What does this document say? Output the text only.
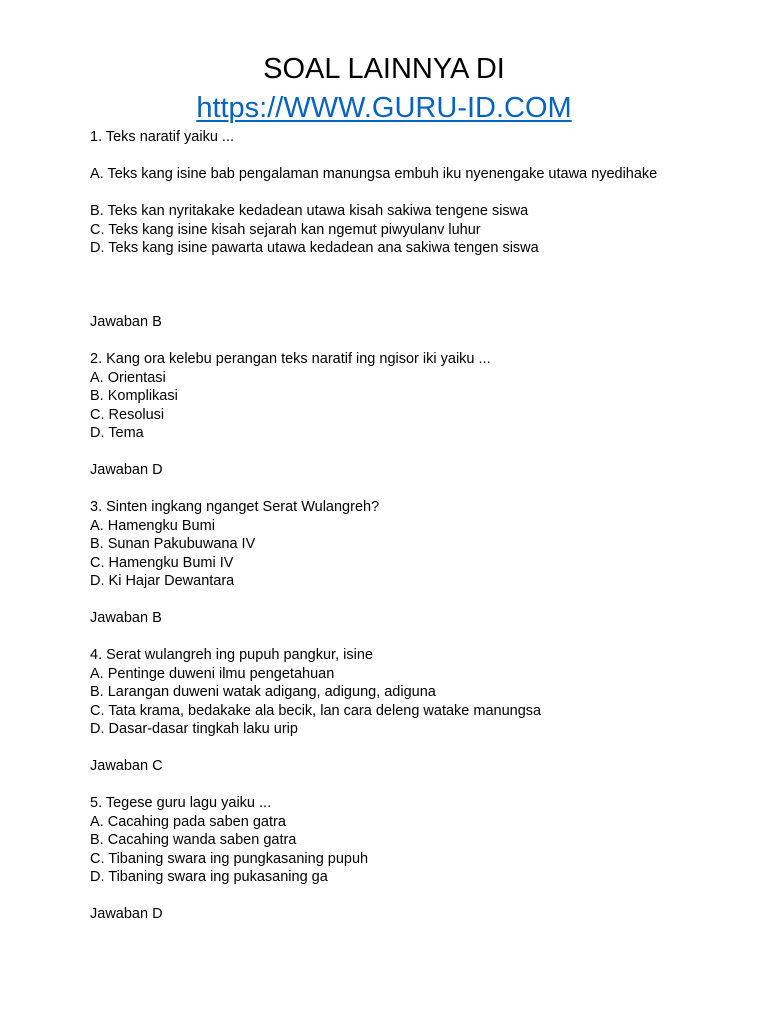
SOAL LAINNYA DI
https://WWW.GURU-ID.COM
1. Teks naratif yaiku ...
A. Teks kang isine bab pengalaman manungsa embuh iku nyenengake utawa nyedihake
B. Teks kan nyritakake kedadean utawa kisah sakiwa tengene siswa
C. Teks kang isine kisah sejarah kan ngemut piwyulanv luhur
D. Teks kang isine pawarta utawa kedadean ana sakiwa tengen siswa
Jawaban B
2. Kang ora kelebu perangan teks naratif ing ngisor iki yaiku ...
A. Orientasi
B. Komplikasi
C. Resolusi
D. Tema
Jawaban D
3. Sinten ingkang nganget Serat Wulangreh?
A. Hamengku Bumi
B. Sunan Pakubuwana IV
C. Hamengku Bumi IV
D. Ki Hajar Dewantara
Jawaban B
4. Serat wulangreh ing pupuh pangkur, isine
A. Pentinge duweni ilmu pengetahuan
B. Larangan duweni watak adigang, adigung, adiguna
C. Tata krama, bedakake ala becik, lan cara deleng watake manungsa
D. Dasar-dasar tingkah laku urip
Jawaban C
5. Tegese guru lagu yaiku ...
A. Cacahing pada saben gatra
B. Cacahing wanda saben gatra
C. Tibaning swara ing pungkasaning pupuh
D. Tibaning swara ing pukasaning ga
Jawaban D
